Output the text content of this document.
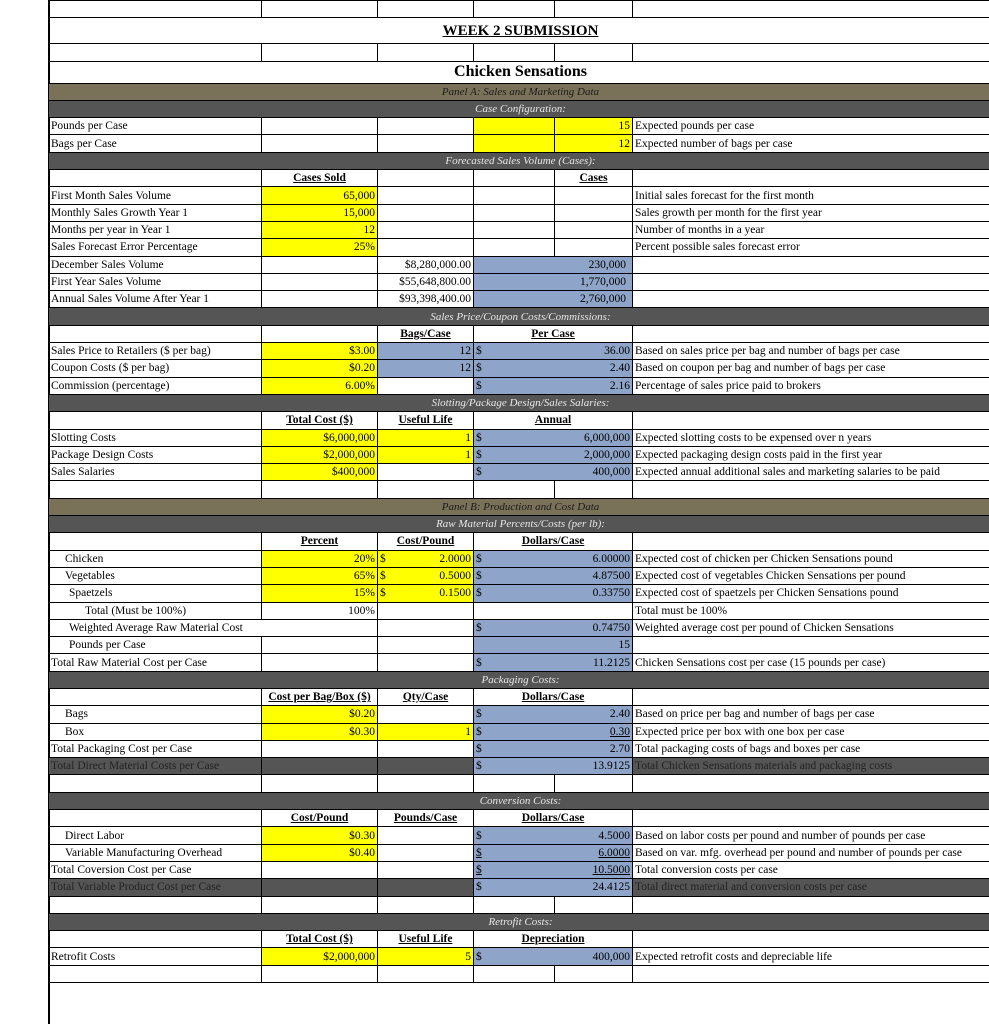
WEEK 2 SUBMISSION					

Chicken Sensations					
Panel A: Sales and Marketing Data					
Case Configuration:					
Pounds per Case				15	Expected pounds per case
Bags per Case				12	Expected number of bags per case
Forecasted Sales Volume (Cases):					
	Cases Sold			Cases	
First Month Sales Volume	65,000				Initial sales forecast for the first month
Monthly Sales Growth Year 1	15,000				Sales growth per month for the first year
Months per year in Year 1	12				Number of months in a year
Sales Forecast Error Percentage	25%				Percent possible sales forecast error
December Sales Volume		$8,280,000.00	230,000		
First Year Sales Volume		$55,648,800.00	1,770,000		
Annual Sales Volume After Year 1		$93,398,400.00	2,760,000		
Sales Price/Coupon Costs/Commissions:					
		Bags/Case	Per Case		
Sales Price to Retailers ($ per bag)	$3.00	12	$ 36.00		Based on sales price per bag and number of bags per case
Coupon Costs ($ per bag)	$0.20	12	$ 2.40		Based on coupon per bag and number of bags per case
Commission (percentage)	6.00%		$ 2.16		Percentage of sales price paid to brokers
Slotting/Package Design/Sales Salaries:					
	Total Cost ($)	Useful Life	Annual		
Slotting Costs	$6,000,000	1	$ 6,000,000		Expected slotting costs to be expensed over n years
Package Design Costs	$2,000,000	1	$ 2,000,000		Expected packaging design costs paid in the first year
Sales Salaries	$400,000		$ 400,000		Expected annual additional sales and marketing salaries to be paid

Panel B: Production and Cost Data					
Raw Material Percents/Costs (per lb):					
	Percent	Cost/Pound	Dollars/Case		
Chicken	20%	$ 2.0000	$ 6.00000		Expected cost of chicken per Chicken Sensations pound
Vegetables	65%	$ 0.5000	$ 4.87500		Expected cost of vegetables Chicken Sensations per pound
Spaetzels	15%	$ 0.1500	$ 0.33750		Expected cost of spaetzels per Chicken Sensations pound
Total (Must be 100%)	100%				Total must be 100%
Weighted Average Raw Material Cost			$ 0.74750		Weighted average cost per pound of Chicken Sensations
Pounds per Case			15		
Total Raw Material Cost per Case			$ 11.2125		Chicken Sensations cost per case (15 pounds per case)
Packaging Costs:					
	Cost per Bag/Box ($)	Qty/Case	Dollars/Case		
Bags	$0.20		$ 2.40		Based on price per bag and number of bags per case
Box	$0.30	1	$ 0.30		Expected price per box with one box per case
Total Packaging Cost per Case			$ 2.70		Total packaging costs of bags and boxes per case
Total Direct Material Costs per Case			$ 13.9125		Total Chicken Sensations materials and packaging costs

Conversion Costs:					
	Cost/Pound	Pounds/Case	Dollars/Case		
Direct Labor	$0.30		$ 4.5000		Based on labor costs per pound and number of pounds per case
Variable Manufacturing Overhead	$0.40		$ 6.0000		Based on var. mfg. overhead per pound and number of pounds per case
Total Coversion Cost per Case			$ 10.5000		Total conversion costs per case
Total Variable Product Cost per Case			$ 24.4125		Total direct material and conversion costs per case

Retrofit Costs:					
	Total Cost ($)	Useful Life	Depreciation		
Retrofit Costs	$2,000,000	5	$ 400,000		Expected retrofit costs and depreciable life
